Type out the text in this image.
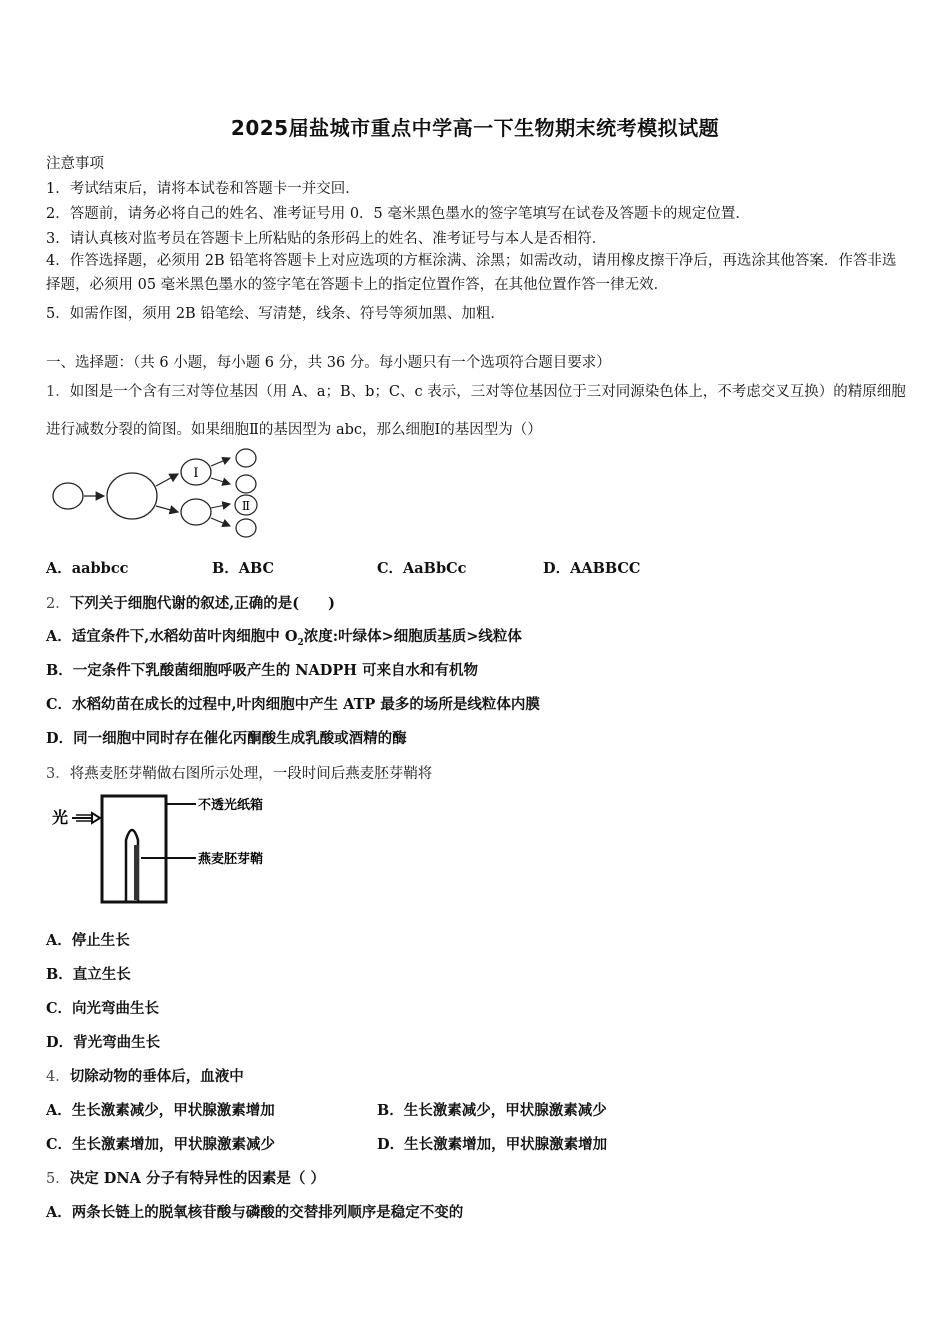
2025届盐城市重点中学高一下生物期末统考模拟试题
注意事项
1．考试结束后，请将本试卷和答题卡一并交回．
2．答题前，请务必将自己的姓名、准考证号用 0．5 毫米黑色墨水的签字笔填写在试卷及答题卡的规定位置．
3．请认真核对监考员在答题卡上所粘贴的条形码上的姓名、准考证号与本人是否相符．
4．作答选择题，必须用 2B 铅笔将答题卡上对应选项的方框涂满、涂黑；如需改动，请用橡皮擦干净后，再选涂其他答案．作答非选择题，必须用 05 毫米黑色墨水的签字笔在答题卡上的指定位置作答，在其他位置作答一律无效．
5．如需作图，须用 2B 铅笔绘、写清楚，线条、符号等须加黑、加粗．
一、选择题：（共 6 小题，每小题 6 分，共 36 分。每小题只有一个选项符合题目要求）
1．如图是一个含有三对等位基因（用 A、a；B、b；C、c 表示，三对等位基因位于三对同源染色体上，不考虑交叉互换）的精原细胞进行减数分裂的简图。如果细胞Ⅱ的基因型为 abc，那么细胞Ⅰ的基因型为（）
Ⅰ
Ⅱ
A．aabbcc	B．ABC	C．AaBbCc	D．AABBCC
2．下列关于细胞代谢的叙述,正确的是(　　)
A．适宜条件下,水稻幼苗叶肉细胞中 $O_2$浓度:叶绿体>细胞质基质>线粒体
B．一定条件下乳酸菌细胞呼吸产生的 NADPH 可来自水和有机物
C．水稻幼苗在成长的过程中,叶肉细胞中产生 ATP 最多的场所是线粒体内膜
D．同一细胞中同时存在催化丙酮酸生成乳酸或酒精的酶
3．将燕麦胚芽鞘做右图所示处理，一段时间后燕麦胚芽鞘将
光
不透光纸箱
燕麦胚芽鞘
A．停止生长
B．直立生长
C．向光弯曲生长
D．背光弯曲生长
4．切除动物的垂体后，血液中
A．生长激素减少，甲状腺激素增加	B．生长激素减少，甲状腺激素减少
C．生长激素增加，甲状腺激素减少	D．生长激素增加，甲状腺激素增加
5．决定 DNA 分子有特异性的因素是（ ）
A．两条长链上的脱氧核苷酸与磷酸的交替排列顺序是稳定不变的
